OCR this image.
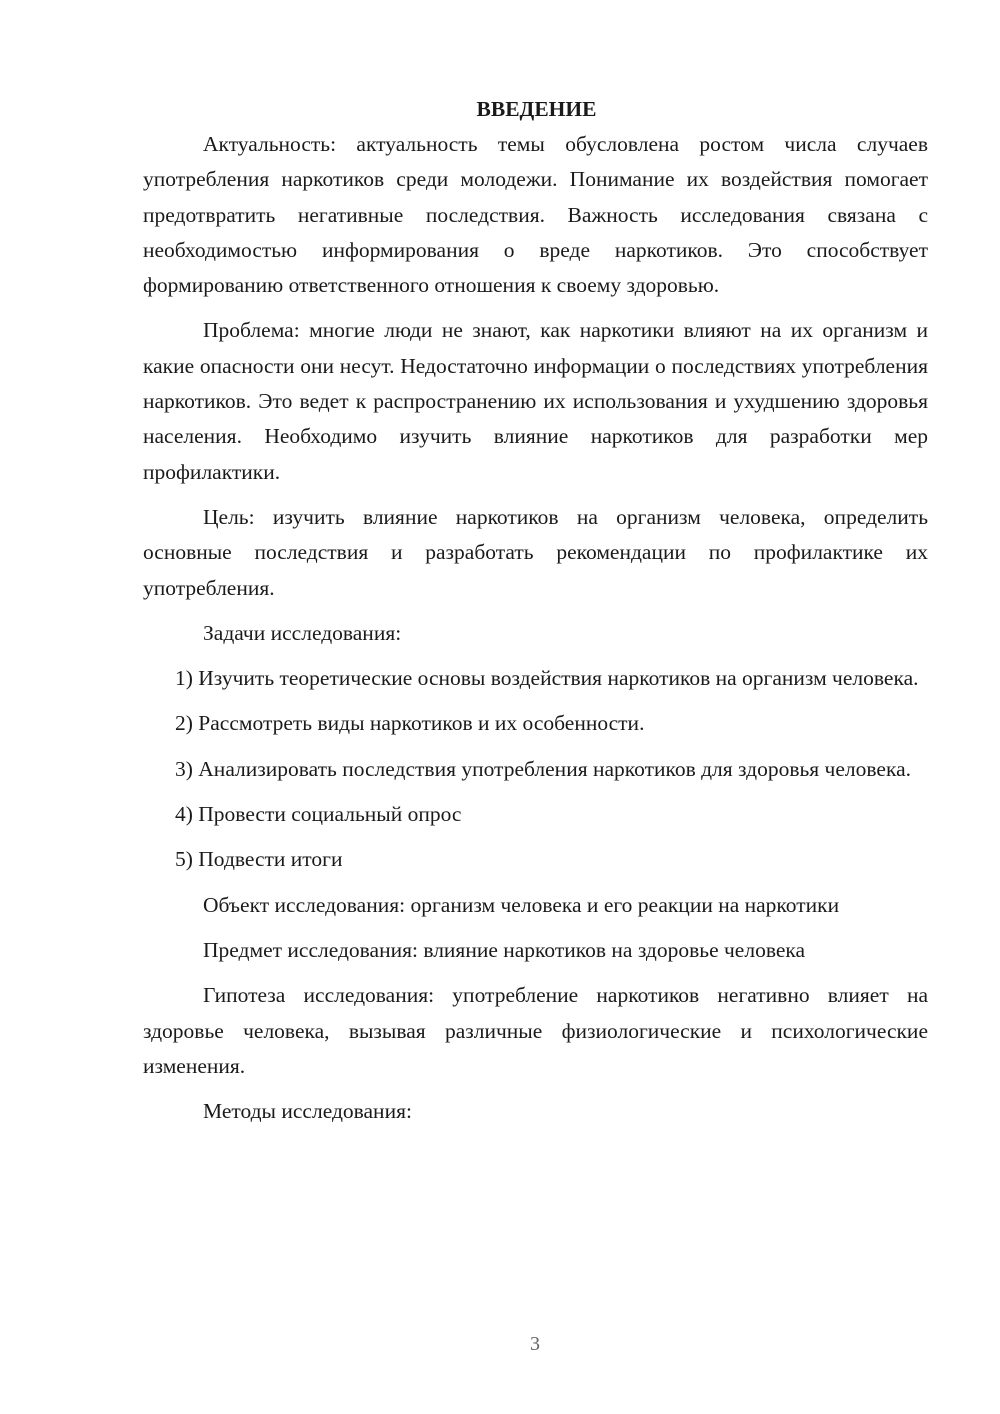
ВВЕДЕНИЕ

Актуальность: актуальность темы обусловлена ростом числа случаев употребления наркотиков среди молодежи. Понимание их воздействия помогает предотвратить негативные последствия. Важность исследования связана с необходимостью информирования о вреде наркотиков. Это способствует формированию ответственного отношения к своему здоровью.

Проблема: многие люди не знают, как наркотики влияют на их организм и какие опасности они несут. Недостаточно информации о последствиях употребления наркотиков. Это ведет к распространению их использования и ухудшению здоровья населения. Необходимо изучить влияние наркотиков для разработки мер профилактики.

Цель: изучить влияние наркотиков на организм человека, определить основные последствия и разработать рекомендации по профилактике их употребления.

Задачи исследования:

1) Изучить теоретические основы воздействия наркотиков на организм человека.

2) Рассмотреть виды наркотиков и их особенности.

3) Анализировать последствия употребления наркотиков для здоровья человека.

4) Провести социальный опрос

5) Подвести итоги

Объект исследования: организм человека и его реакции на наркотики

Предмет исследования: влияние наркотиков на здоровье человека

Гипотеза исследования: употребление наркотиков негативно влияет на здоровье человека, вызывая различные физиологические и психологические изменения.

Методы исследования:

3
